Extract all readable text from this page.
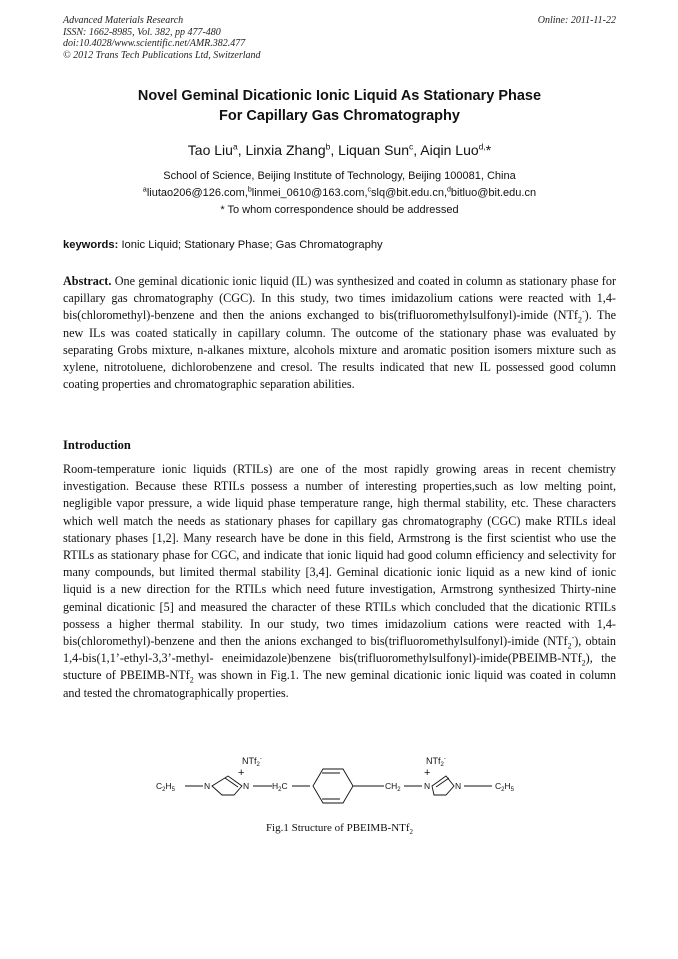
Advanced Materials Research
ISSN: 1662-8985, Vol. 382, pp 477-480
doi:10.4028/www.scientific.net/AMR.382.477
© 2012 Trans Tech Publications Ltd, Switzerland
Online: 2011-11-22
Novel Geminal Dicationic Ionic Liquid As Stationary Phase
For Capillary Gas Chromatography
Tao Liu$^a$, Linxia Zhang$^b$, Liquan Sun$^c$, Aiqin Luo$^{d,}$*
School of Science, Beijing Institute of Technology, Beijing 100081, China
$^a$liutao206@126.com,$^b$linmei_0610@163.com,$^c$slq@bit.edu.cn,$^d$bitluo@bit.edu.cn
* To whom correspondence should be addressed
keywords: Ionic Liquid; Stationary Phase; Gas Chromatography
Abstract. One geminal dicationic ionic liquid (IL) was synthesized and coated in column as stationary phase for capillary gas chromatography (CGC). In this study, two times imidazolium cations were reacted with 1,4-bis(chloromethyl)-benzene and then the anions exchanged to bis(trifluoromethylsulfonyl)-imide (NTf$_2$-). The new ILs was coated statically in capillary column. The outcome of the stationary phase was evaluated by separating Grobs mixture, n-alkanes mixture, alcohols mixture and aromatic position isomers mixture such as xylene, nitrotoluene, dichlorobenzene and cresol. The results indicated that new IL possessed good column coating properties and chromatographic separation abilities.
Introduction
Room-temperature ionic liquids (RTILs) are one of the most rapidly growing areas in recent chemistry investigation. Because these RTILs possess a number of interesting properties,such as low melting point, negligible vapor pressure, a wide liquid phase temperature range, high thermal stability, etc. These characters which well match the needs as stationary phases for capillary gas chromatography (CGC) make RTILs ideal stationary phases [1,2]. Many research have be done in this field, Armstrong is the first scientist who use the RTILs as stationary phase for CGC, and indicate that ionic liquid had good column efficiency and selectivity for many compounds, but limited thermal stability [3,4]. Geminal dicationic ionic liquid as a new kind of ionic liquid is a new direction for the RTILs which need future investigation, Armstrong synthesized Thirty-nine geminal dicationic [5] and measured the character of these RTILs which concluded that the dicationic RTILs possess a higher thermal stability. In our study, two times imidazolium cations were reacted with 1,4-bis(chloromethyl)-benzene and then the anions exchanged to bis(trifluoromethylsulfonyl)-imide (NTf$_2$-), obtain 1,4-bis(1,1’-ethyl-3,3’-methyl- eneimidazole)benzene bis(trifluoromethylsulfonyl)-imide(PBEIMB-NTf$_2$), the stucture of PBEIMB-NTf$_2$ was shown in Fig.1. The new geminal dicationic ionic liquid was coated in column and tested the chromatographically properties.
NTf$_2$-
+
NTf$_2$-
+
$C_2H_5$	N	N	$H_2C$	$CH_2$	N	N	$C_2H_5$
Fig.1 Structure of PBEIMB-NTf$_2$
